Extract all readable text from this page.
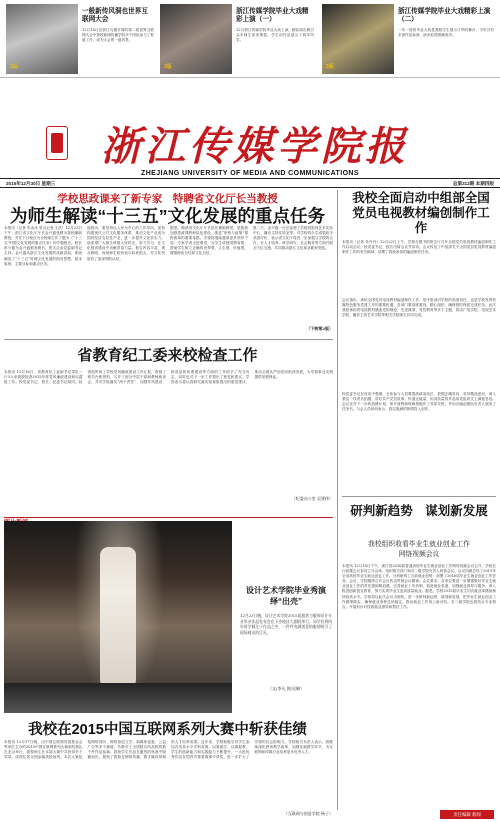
3版
一般新传风洞也世界互联网大会
12月16日在浙江乌镇开幕的第二届世界互联网大会中我校新闻传播学院多个团队参与了报道工作，成为大会的一道风景。
3版
浙江传媒学院毕业大戏精彩上演（一）
12月浙江传媒学院毕业大戏上演，精彩演出吸引众多师生前来观看，学生用作品展示了四年所学。
3版
浙江传媒学院毕业大戏精彩上演（二）
一年一度的毕业大戏是我校学生展示才华的舞台，今年共有多部作品参演，演出取得圆满成功。
浙江传媒学院报
ZHEJIANG UNIVERSITY OF MEDIA AND COMMUNICATIONS
2015年12月30日 星期三	总第312期 本期四版
学校思政课来了新专家　特聘省文化厅长当教授
为师生解读“十三五”文化发展的重点任务
本报讯（记者 朱冰冰 见习记者 王洪）12月23日下午，浙江省文化厅厅长金兴盛受聘为我校兼职教授，并在下沙校区为全校师生作了题为《“十三五”时期文化发展的重点任务》的专题报告。校长彭少健为金兴盛颁发聘书。报告会由党委副书记主持。金兴盛从浙江文化发展的成就讲起，系统阐述了“十三五”时期文化发展的指导思想、基本原则、主要目标和重点任务。
他指出，要坚持以人民为中心的工作导向，加快构建现代公共文化服务体系，推动文化产业成为国民经济支柱性产业，进一步提升文化软实力。他希望广大师生珍惜大好时光，努力学习，在文化强省建设中贡献青春力量。报告内容丰富、观点鲜明，现场师生纷纷表示收获很大，对文化发展有了更深刻的认识。
据悉，聘请省文化厅厅长担任兼职教授，是我校加强思政课教师队伍建设、推进“形势与政策”课程改革的重要举措。学校将继续邀请更多领导干部、专家学者走进课堂，为学生讲授国情省情，帮助学生树立正确的世界观、人生观、价值观，增强理论自信和文化自信。
第二天，金兴盛一行还参观了学校的影视艺术实验中心、播音主持实验室等，对学校的办学成果给予高度评价，表示省文化厅将进一步加强与学校的合作，在人才培养、科学研究、社会服务等方面开展全方位交流，共同推动浙江文化事业繁荣发展。
（下转第2版）
省教育纪工委来校检查工作
本报讯 12月16日，省教育纪工委副书记带队一行3人来我校检查2015年度党风廉政建设和反腐败工作。校党委书记、校长、纪委书记陪同。检查组听取了学校党风廉政建设工作汇报，查阅了相关台账资料，召开了部分中层干部和教师座谈会，并对学校落实“两个责任”、加强作风建设、推进惩防体系建设等方面的工作给予了充分肯定，同时也对下一步工作提出了意见和建议。学校表示将认真研究落实检查组提出的意见建议，推动全面从严治党向纵深发展，为学校事业发展提供坚强保证。
（纪委办公室 吴建伟）
设计艺术学院毕业秀演绎“出壳”
12月23日晚，设计艺术学院2015届服装与服饰设计专业毕业作品发布会在下沙校区大剧院举行。同学们将四年所学倾注于作品之中，一件件充满创意的服装吸引了现场观众的目光。
（文/李凡 图/吴琳）
我校在2015中国互联网系列大赛中斩获佳绩
本报讯 12月17日晚，由中国互联网发展基金会等单位主办的2015中国互联网系列大赛颁奖典礼在北京举行，我校师生在本届大赛中共获得多个奖项，成绩位居全国参赛高校前列。本次大赛包括网络视听、网络原创文学、新媒体创意、公益广告等多个赛道，共吸引了全国数百所高校的数千件作品参赛。我校学生作品在激烈的角逐中脱颖而出，展现了我校在网络传播、数字媒体领域的人才培养成果。近年来，学校积极引导学生参加各类高水平学科竞赛，以赛促学、以赛促教，学生的创新能力和实践能力不断提升，一大批优秀作品在国内外重要赛事中获奖，进一步扩大了学校的社会影响力。学校相关负责人表示，将继续深化教育教学改革，加强实践教学环节，为互联网和传媒行业培养更多优秀人才。
（互联网与创意学院 杨子）
我校全面启动中组部全国党员电视教材编创制作工作
本报讯（记者 朱丹丹）12月22日上午，学校在图书馆报告厅召开全国党员电视教材编创制作工作启动会议。校党委书记、校长出席会议并讲话。会议传达了中组部关于全国党员电视教材编创制作工作的有关精神，部署了我校承担的编创制作任务。
会议指出，承担全国党员电视教材编创制作工作，是中组部对学校的高度信任，也是学校发挥传媒特色服务党建工作的重要机遇。各部门要高度重视，精心组织，确保按时保质完成任务。此次我校承担的电视教材涵盖党的理论、先进典型、党性教育等多个主题，将由广电学院、电视艺术学院、播音主持艺术学院等相关学院师生共同完成。
校党委书记在讲话中强调，全体参与人员要提高政治站位，把握正确导向，坚持精品意识，深入基层一线采访拍摄，讲好共产党员故事，传递正能量，用高质量的作品向党组织交上满意答卷。会议还对下一步的拍摄计划、审片流程和保障措施作了具体安排，并向各编创团队负责人颁发了任务书。与会人员纷纷表示，将以饱满的热情投入创作。
研判新趋势　谋划新发展
我校组织收看毕业生就业创业工作网络视频会议
本报讯 12月18日下午，浙江省2016届普通高校毕业生就业创业工作网络视频会议召开，学校在行政楼会议室设立分会场，组织相关部门和各二级学院负责人收看会议。会议回顾总结了2015年全省高校毕业生就业创业工作，分析研判了当前就业形势，部署了2016届毕业生就业创业工作任务。会后，学校随即召开会议传达贯彻会议精神。会议要求，各单位要进一步增强做好毕业生就业创业工作的责任感和紧迫感，完善就业工作机制，拓宽就业渠道，加强就业指导与服务，深入推进创新创业教育，努力实现毕业生更高质量就业。据悉，学校2015届毕业生初次就业率继续保持较高水平。学校将以此次会议为契机，进一步研判新趋势、谋划新发展，把毕业生就业创业工作做细做实，确保就业形势总体稳定，推动就业工作再上新台阶。各二级学院也将结合专业特点，开展有针对性的就业指导和帮扶工作。
责任编辑 新闻
